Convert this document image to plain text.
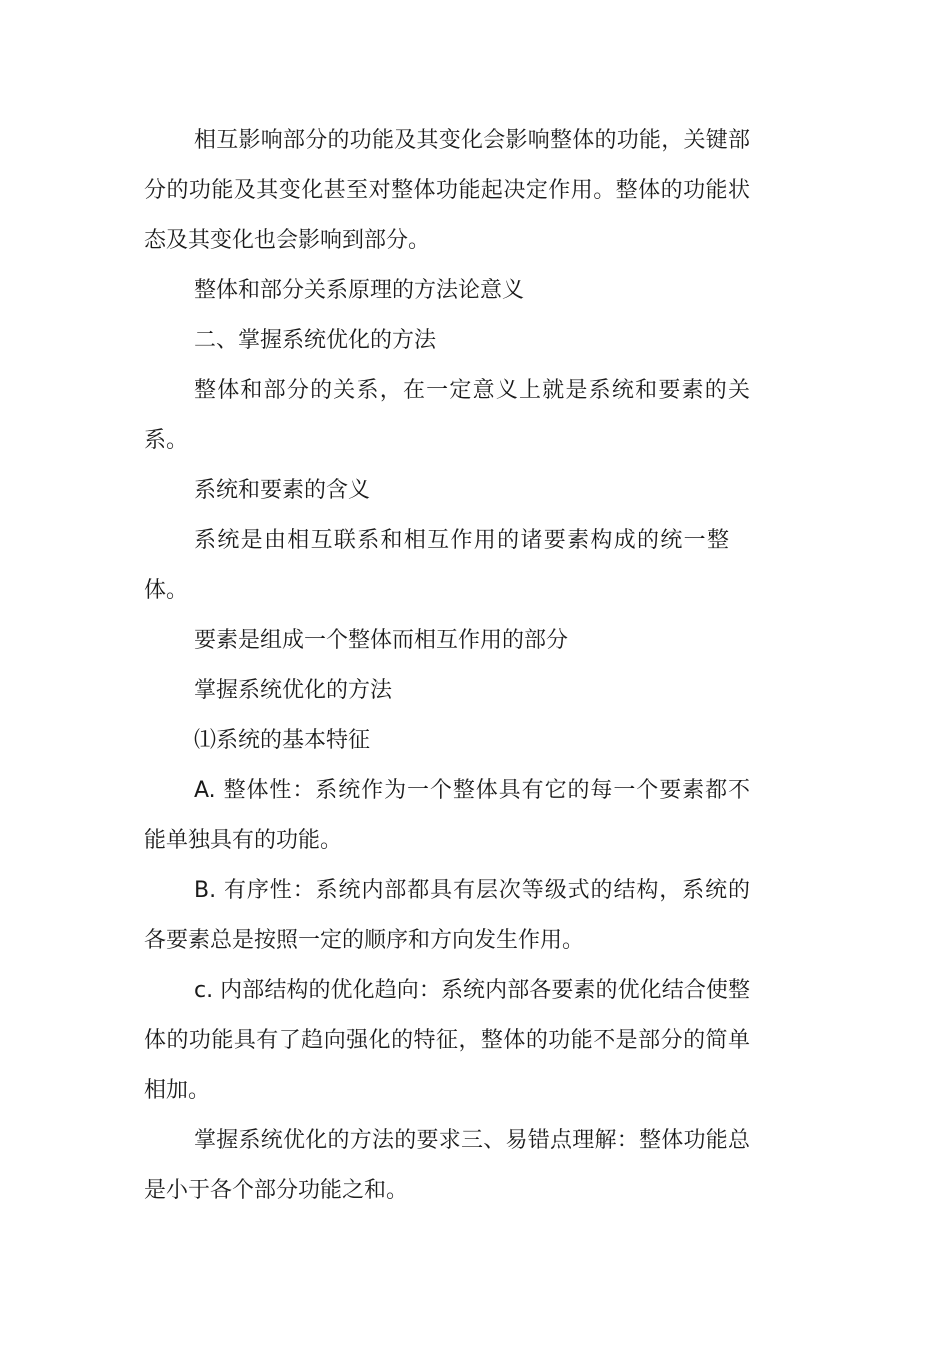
相互影响部分的功能及其变化会影响整体的功能，关键部分的功能及其变化甚至对整体功能起决定作用。整体的功能状态及其变化也会影响到部分。

整体和部分关系原理的方法论意义

二、掌握系统优化的方法

整体和部分的关系，在一定意义上就是系统和要素的关系。

系统和要素的含义

系统是由相互联系和相互作用的诸要素构成的统一整体。

要素是组成一个整体而相互作用的部分

掌握系统优化的方法

⑴系统的基本特征

A. 整体性：系统作为一个整体具有它的每一个要素都不能单独具有的功能。

B. 有序性：系统内部都具有层次等级式的结构，系统的各要素总是按照一定的顺序和方向发生作用。

c. 内部结构的优化趋向：系统内部各要素的优化结合使整体的功能具有了趋向强化的特征，整体的功能不是部分的简单相加。

掌握系统优化的方法的要求三、易错点理解：整体功能总是小于各个部分功能之和。
